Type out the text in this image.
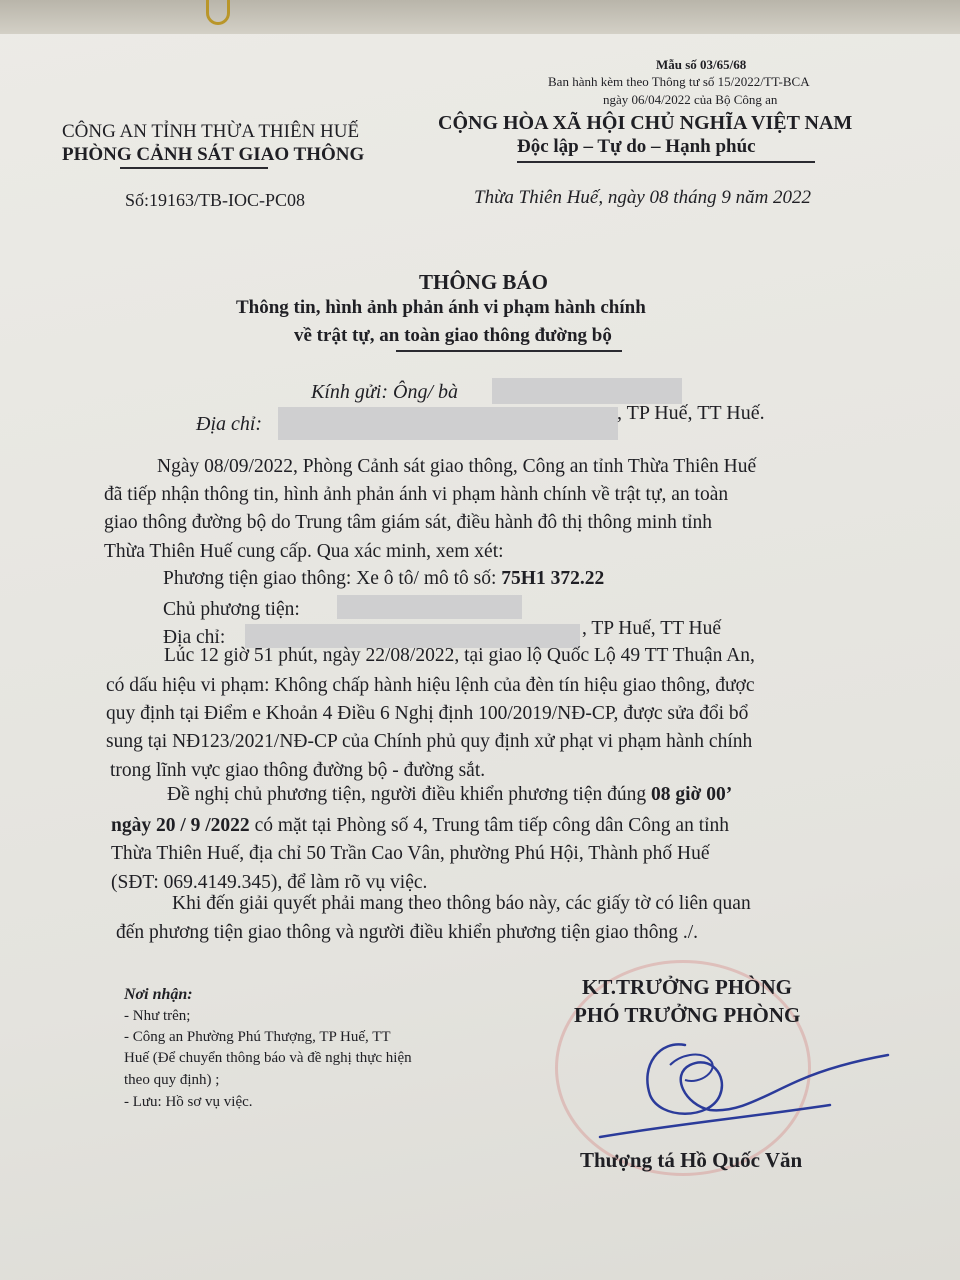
Mẫu số 03/65/68
Ban hành kèm theo Thông tư số 15/2022/TT-BCA
ngày 06/04/2022 của Bộ Công an
CÔNG AN TỈNH THỪA THIÊN HUẾ
PHÒNG CẢNH SÁT GIAO THÔNG
Số:19163/TB-IOC-PC08
CỘNG HÒA XÃ HỘI CHỦ NGHĨA VIỆT NAM
Độc lập – Tự do – Hạnh phúc
Thừa Thiên Huế, ngày 08 tháng 9 năm 2022
THÔNG BÁO
Thông tin, hình ảnh phản ánh vi phạm hành chính
về trật tự, an toàn giao thông đường bộ
Kính gửi: Ông/ bà
Địa chỉ:	, TP Huế, TT Huế.
Ngày 08/09/2022, Phòng Cảnh sát giao thông, Công an tỉnh Thừa Thiên Huế
đã tiếp nhận thông tin, hình ảnh phản ánh vi phạm hành chính về trật tự, an toàn
giao thông đường bộ do Trung tâm giám sát, điều hành đô thị thông minh tỉnh
Thừa Thiên Huế cung cấp. Qua xác minh, xem xét:
Phương tiện giao thông: Xe ô tô/ mô tô số: 75H1 372.22
Chủ phương tiện:
Địa chỉ:	, TP Huế, TT Huế
Lúc 12 giờ 51 phút, ngày 22/08/2022, tại giao lộ Quốc Lộ 49 TT Thuận An,
có dấu hiệu vi phạm: Không chấp hành hiệu lệnh của đèn tín hiệu giao thông, được
quy định tại Điểm e Khoản 4 Điều 6 Nghị định 100/2019/NĐ-CP, được sửa đổi bổ
sung tại NĐ123/2021/NĐ-CP của Chính phủ quy định xử phạt vi phạm hành chính
trong lĩnh vực giao thông đường bộ - đường sắt.
Đề nghị chủ phương tiện, người điều khiển phương tiện đúng 08 giờ 00’
ngày 20 / 9 /2022 có mặt tại Phòng số 4, Trung tâm tiếp công dân Công an tỉnh
Thừa Thiên Huế, địa chỉ 50 Trần Cao Vân, phường Phú Hội, Thành phố Huế
(SĐT: 069.4149.345), để làm rõ vụ việc.
Khi đến giải quyết phải mang theo thông báo này, các giấy tờ có liên quan
đến phương tiện giao thông và người điều khiển phương tiện giao thông ./.
Nơi nhận:
- Như trên;
- Công an Phường Phú Thượng, TP Huế, TT
Huế (Để chuyển thông báo và đề nghị thực hiện
theo quy định) ;
- Lưu: Hồ sơ vụ việc.
KT.TRƯỞNG PHÒNG
PHÓ TRƯỞNG PHÒNG
Thượng tá Hồ Quốc Văn
